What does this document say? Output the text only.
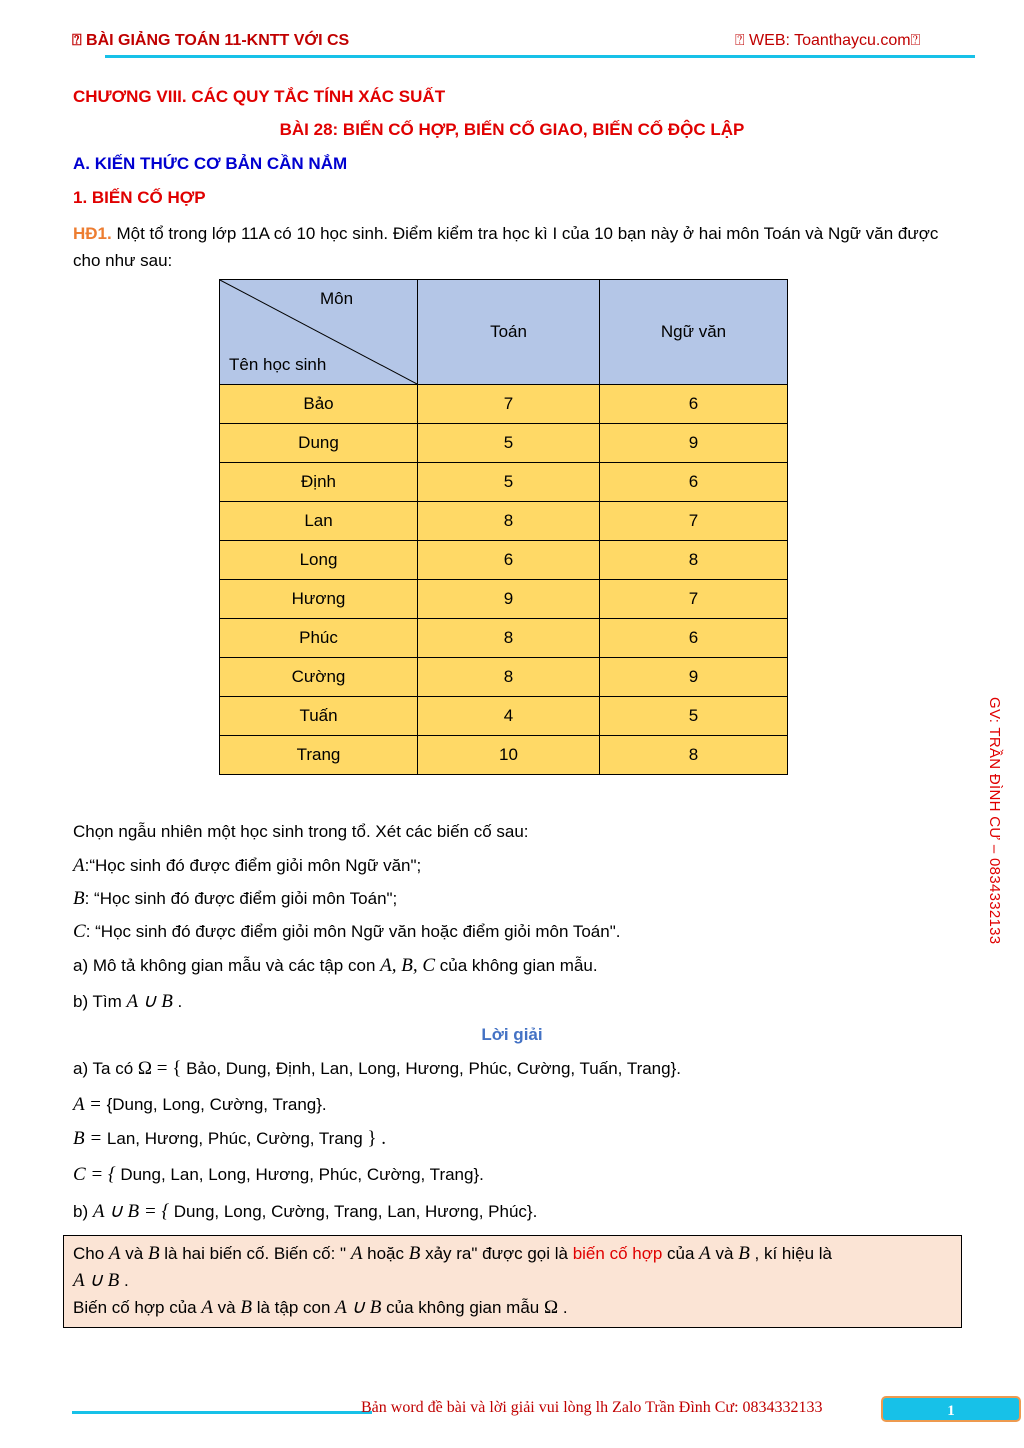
⍰ BÀI GIẢNG TOÁN 11-KNTT VỚI CS	⍰ WEB: Toanthaycu.com⍰
CHƯƠNG VIII. CÁC QUY TẮC TÍNH XÁC SUẤT
BÀI 28: BIẾN CỐ HỢP, BIẾN CỐ GIAO, BIẾN CỐ ĐỘC LẬP
A. KIẾN THỨC CƠ BẢN CẦN NẮM
1. BIẾN CỐ HỢP
HĐ1. Một tổ trong lớp 11A có 10 học sinh. Điểm kiểm tra học kì I của 10 bạn này ở hai môn Toán và Ngữ văn được cho như sau:
Môn
Tên học sinh	Toán	Ngữ văn
Bảo	7	6
Dung	5	9
Định	5	6
Lan	8	7
Long	6	8
Hương	9	7
Phúc	8	6
Cường	8	9
Tuấn	4	5
Trang	10	8
Chọn ngẫu nhiên một học sinh trong tổ. Xét các biến cố sau:
A:“Học sinh đó được điểm giỏi môn Ngữ văn";
B: “Học sinh đó được điểm giỏi môn Toán";
C: “Học sinh đó được điểm giỏi môn Ngữ văn hoặc điểm giỏi môn Toán".
a) Mô tả không gian mẫu và các tập con A, B, C của không gian mẫu.
b) Tìm A ∪ B .
Lời giải
a) Ta có Ω = { Bảo, Dung, Định, Lan, Long, Hương, Phúc, Cường, Tuấn, Trang}.
A = {Dung, Long, Cường, Trang}.
B = Lan, Hương, Phúc, Cường, Trang } .
C = { Dung, Lan, Long, Hương, Phúc, Cường, Trang}.
b) A ∪ B = { Dung, Long, Cường, Trang, Lan, Hương, Phúc}.
Cho A và B là hai biến cố. Biến cố: " A hoặc B xảy ra" được gọi là biến cố hợp của A và B , kí hiệu là
A ∪ B .
Biến cố hợp của A và B là tập con A ∪ B của không gian mẫu Ω .
GV: TRẦN ĐÌNH CƯ – 0834332133
Bản word đề bài và lời giải vui lòng lh Zalo Trần Đình Cư: 0834332133	1
